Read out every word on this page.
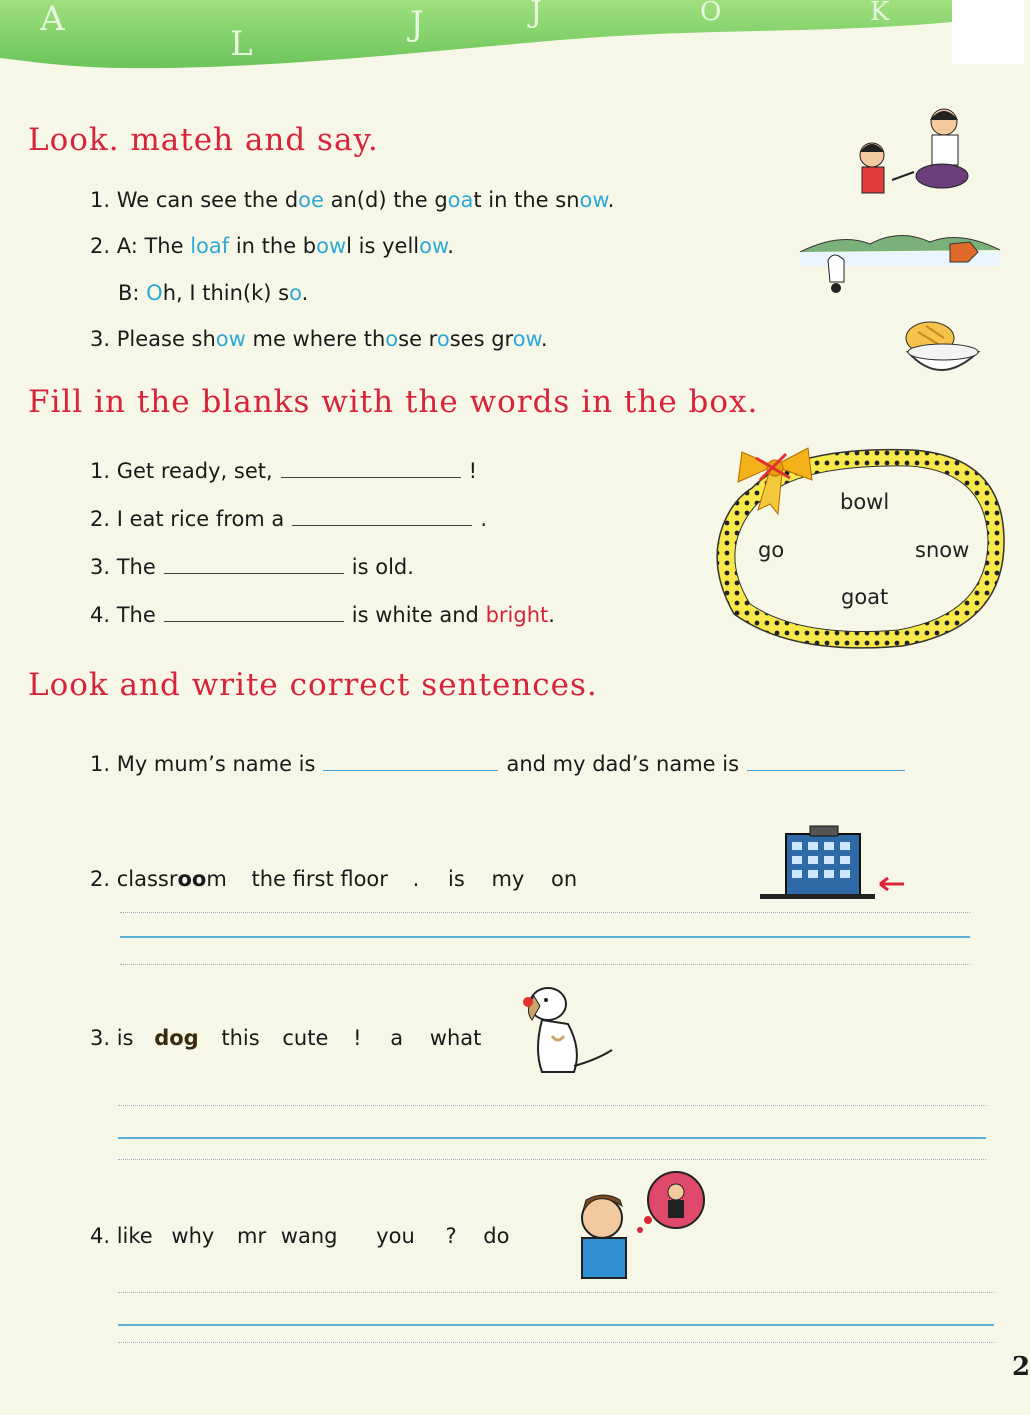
A
L	J	J	O	K
Look. mateh and say.
1. We can see the doe an(d) the goat in the snow.
2. A: The loaf in the bowl is yellow.
B: Oh, I thin(k) so.
3. Please show me where those roses grow.
Fill in the blanks with the words in the box.
1. Get ready, set,	!
2. I eat rice from a	.
3. The	is old.
4. The	is white and bright.
bowl
go	snow
goat
Look and write correct sentences.
1. My mum’s name is	and my dad’s name is
2. classroom the first floor . is my on
3. is dog this cute ! a what
4. like why mr wang you ? do
2
